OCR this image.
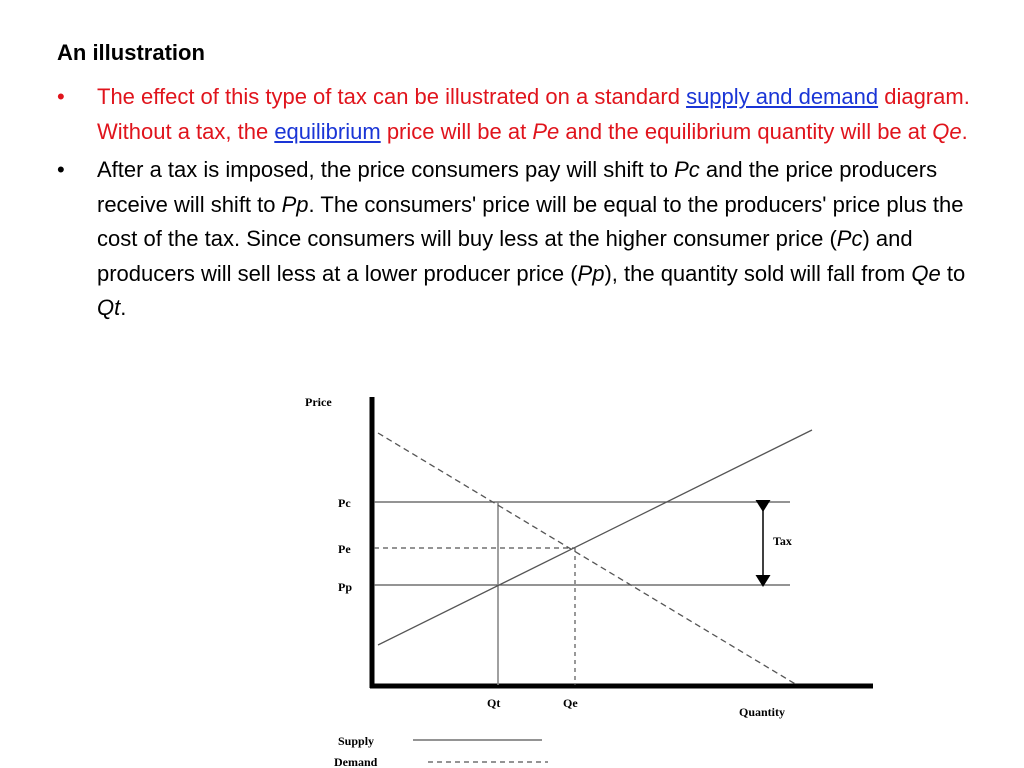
An illustration
•	The effect of this type of tax can be illustrated on a standard supply and demand diagram. Without a tax, the equilibrium price will be at Pe and the equilibrium quantity will be at Qe.
•	After a tax is imposed, the price consumers pay will shift to Pc and the price producers receive will shift to Pp. The consumers' price will be equal to the producers' price plus the cost of the tax. Since consumers will buy less at the higher consumer price (Pc) and producers will sell less at a lower producer price (Pp), the quantity sold will fall from Qe to Qt.
Price
Quantity
Tax
Pc
Pe
Pp
Qt	Qe
Supply
Demand
